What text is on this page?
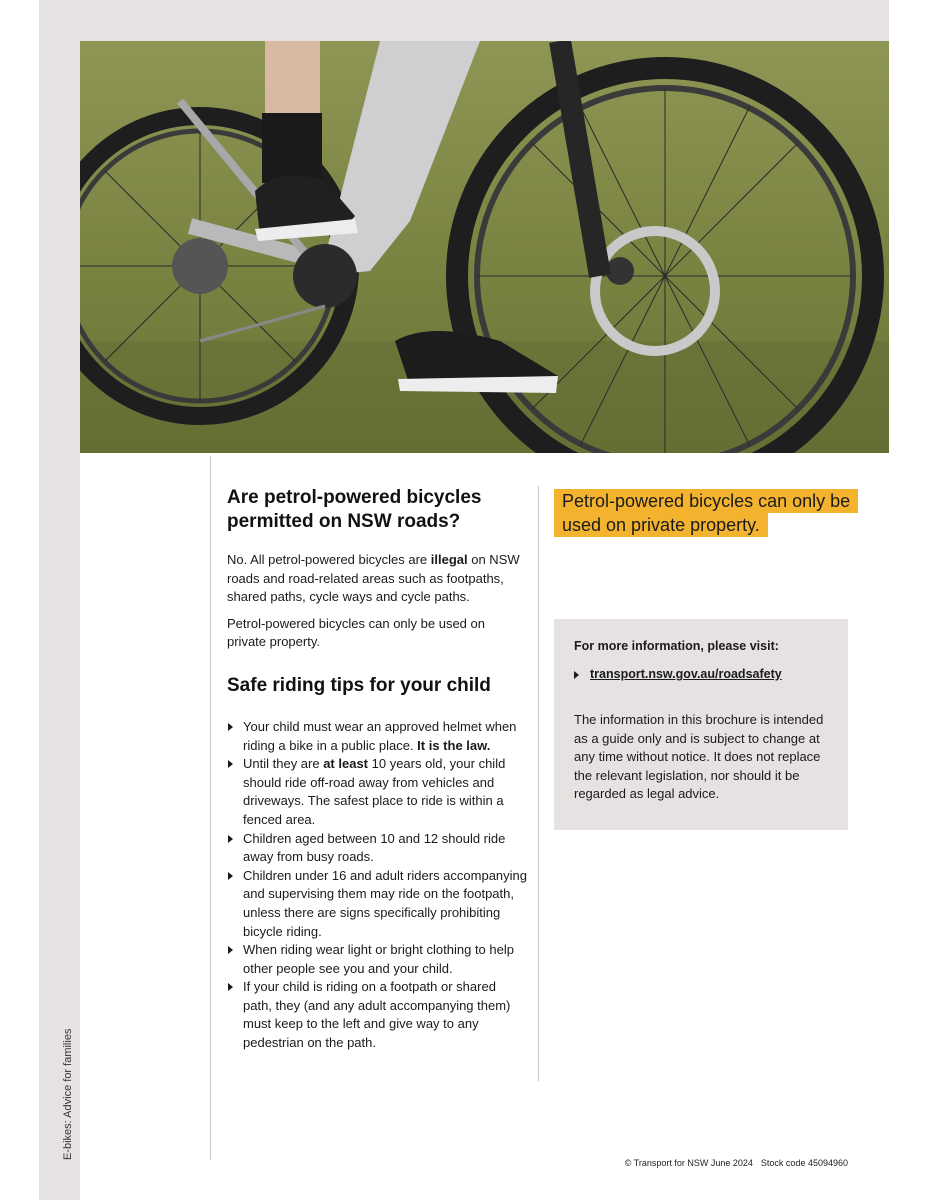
E-bikes: Advice for families
Are petrol-powered bicycles permitted on NSW roads?

No. All petrol-powered bicycles are illegal on NSW roads and road-related areas such as footpaths, shared paths, cycle ways and cycle paths.

Petrol-powered bicycles can only be used on private property.

Safe riding tips for your child
Your child must wear an approved helmet when riding a bike in a public place. It is the law.
Until they are at least 10 years old, your child should ride off-road away from vehicles and driveways. The safest place to ride is within a fenced area.
Children aged between 10 and 12 should ride away from busy roads.
Children under 16 and adult riders accompanying and supervising them may ride on the footpath, unless there are signs specifically prohibiting bicycle riding.
When riding wear light or bright clothing to help other people see you and your child.
If your child is riding on a footpath or shared path, they (and any adult accompanying them) must keep to the left and give way to any pedestrian on the path.
Petrol-powered bicycles can only be used on private property.

For more information, please visit:

transport.nsw.gov.au/roadsafety
The information in this brochure is intended as a guide only and is subject to change at any time without notice. It does not replace the relevant legislation, nor should it be regarded as legal advice.
© Transport for NSW June 2024 Stock code 45094960
